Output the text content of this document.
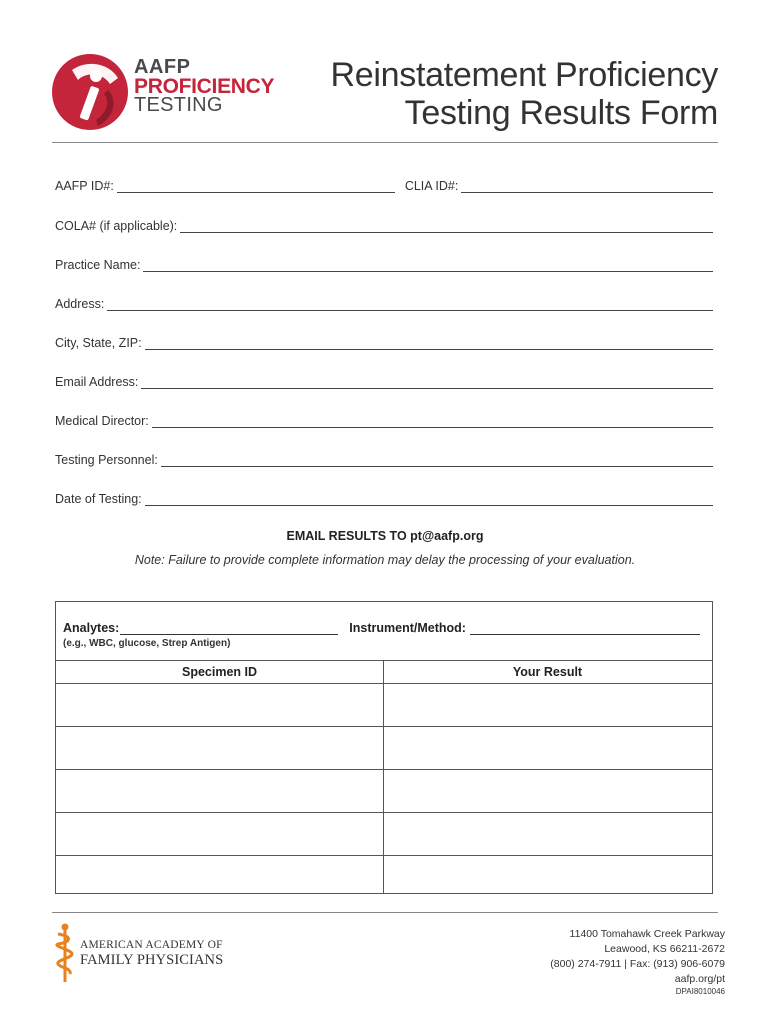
AAFP
PROFICIENCY
TESTING
Reinstatement Proficiency
Testing Results Form
AAFP ID#:	CLIA ID#:
COLA# (if applicable):
Practice Name:
Address:
City, State, ZIP:
Email Address:
Medical Director:
Testing Personnel:
Date of Testing:
EMAIL RESULTS TO pt@aafp.org
Note: Failure to provide complete information may delay the processing of your evaluation.
Analytes:	Instrument/Method:
(e.g., WBC, glucose, Strep Antigen)
Specimen ID	Your Result
AMERICAN ACADEMY OF
FAMILY PHYSICIANS
11400 Tomahawk Creek Parkway
Leawood, KS 66211-2672
(800) 274-7911 | Fax: (913) 906-6079
aafp.org/pt
DPAI8010046
